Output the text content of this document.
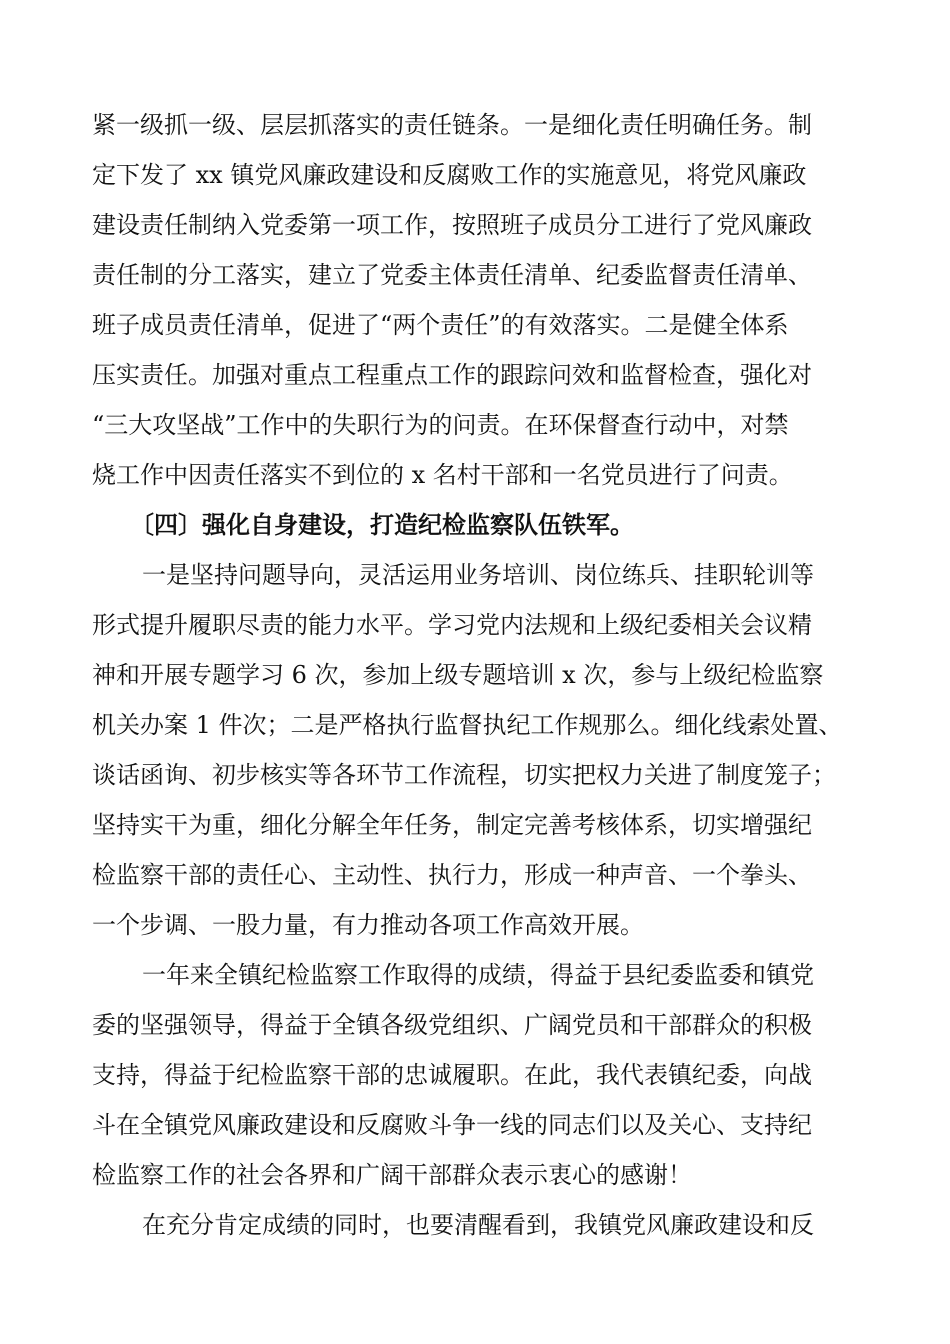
紧一级抓一级、层层抓落实的责任链条。一是细化责任明确任务。制
定下发了 xx 镇党风廉政建设和反腐败工作的实施意见，将党风廉政
建设责任制纳入党委第一项工作，按照班子成员分工进行了党风廉政
责任制的分工落实，建立了党委主体责任清单、纪委监督责任清单、
班子成员责任清单，促进了“两个责任”的有效落实。二是健全体系
压实责任。加强对重点工程重点工作的跟踪问效和监督检查，强化对
“三大攻坚战”工作中的失职行为的问责。在环保督查行动中，对禁
烧工作中因责任落实不到位的 x 名村干部和一名党员进行了问责。
〔四〕强化自身建设，打造纪检监察队伍铁军。
一是坚持问题导向，灵活运用业务培训、岗位练兵、挂职轮训等
形式提升履职尽责的能力水平。学习党内法规和上级纪委相关会议精
神和开展专题学习 6 次，参加上级专题培训 x 次，参与上级纪检监察
机关办案 1 件次；二是严格执行监督执纪工作规那么。细化线索处置、
谈话函询、初步核实等各环节工作流程，切实把权力关进了制度笼子；
坚持实干为重，细化分解全年任务，制定完善考核体系，切实增强纪
检监察干部的责任心、主动性、执行力，形成一种声音、一个拳头、
一个步调、一股力量，有力推动各项工作高效开展。
一年来全镇纪检监察工作取得的成绩，得益于县纪委监委和镇党
委的坚强领导，得益于全镇各级党组织、广阔党员和干部群众的积极
支持，得益于纪检监察干部的忠诚履职。在此，我代表镇纪委，向战
斗在全镇党风廉政建设和反腐败斗争一线的同志们以及关心、支持纪
检监察工作的社会各界和广阔干部群众表示衷心的感谢！
在充分肯定成绩的同时，也要清醒看到，我镇党风廉政建设和反
